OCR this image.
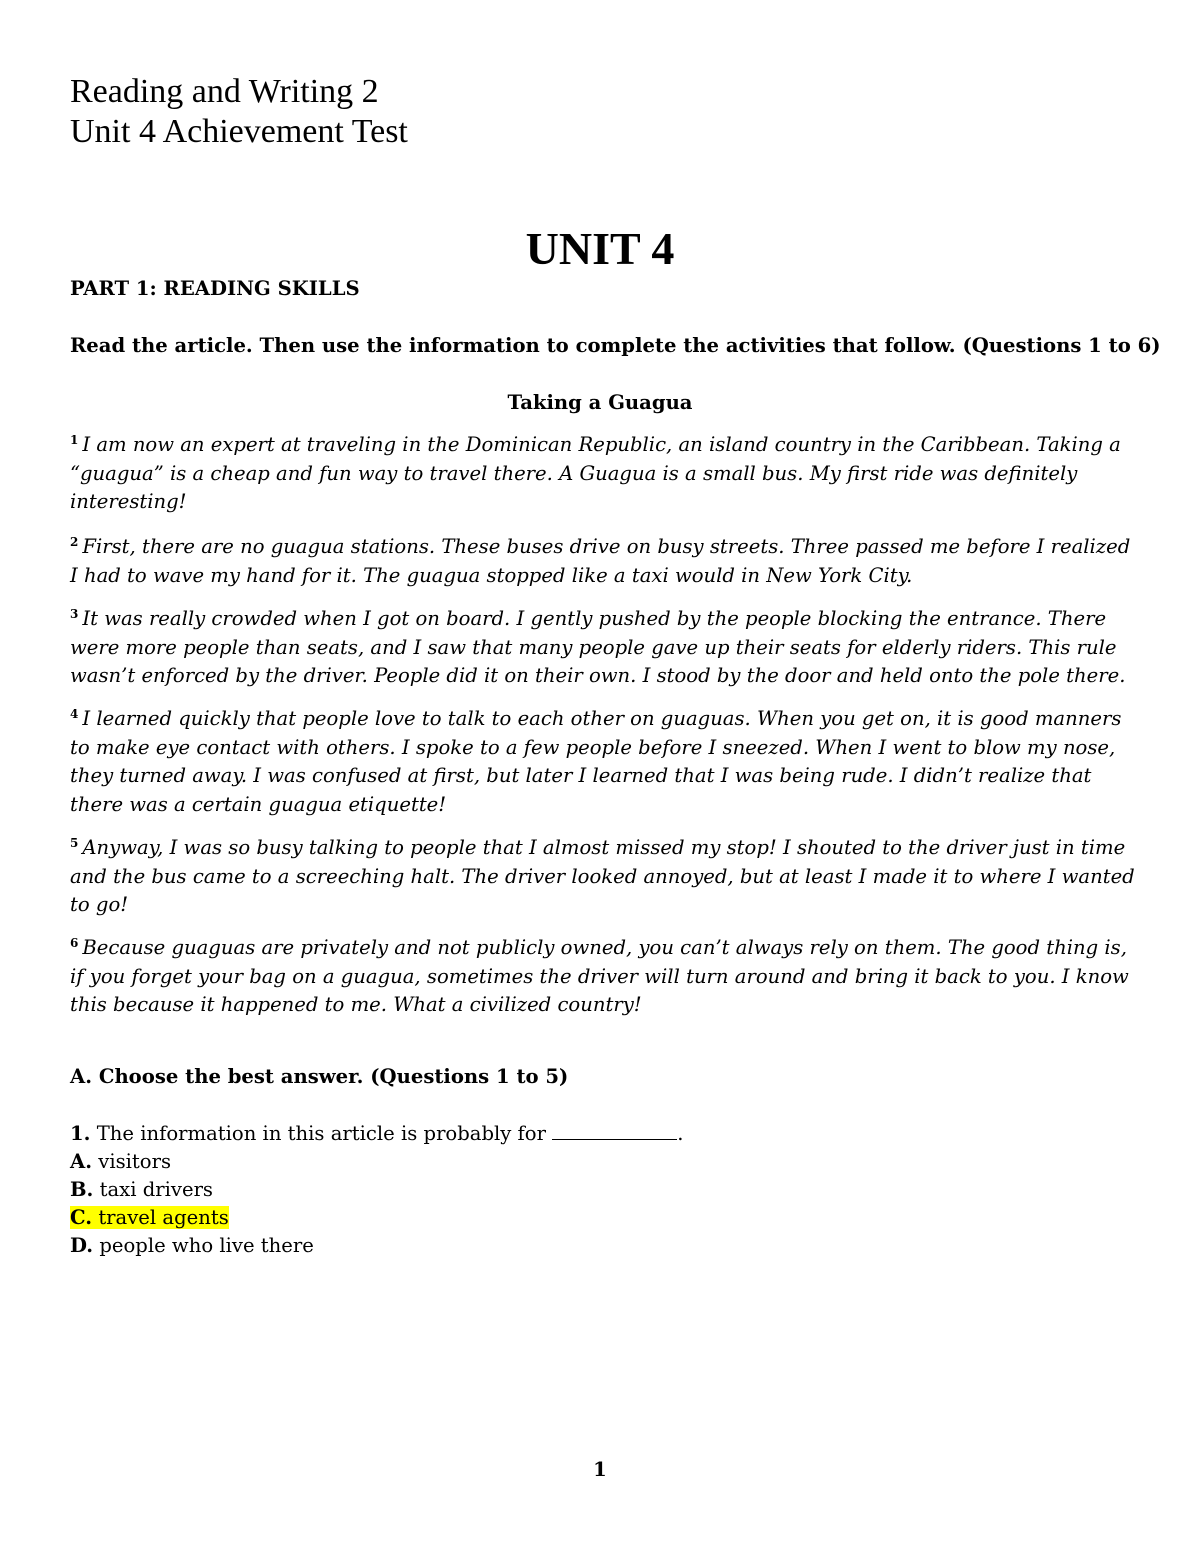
Reading and Writing 2
Unit 4 Achievement Test
UNIT 4
PART 1: READING SKILLS
Read the article. Then use the information to complete the activities that follow. (Questions 1 to 6)
Taking a Guagua
$^1$ I am now an expert at traveling in the Dominican Republic, an island country in the Caribbean. Taking a “guagua” is a cheap and fun way to travel there. A Guagua is a small bus. My first ride was definitely interesting!
$^2$ First, there are no guagua stations. These buses drive on busy streets. Three passed me before I realized I had to wave my hand for it. The guagua stopped like a taxi would in New York City.
$^3$ It was really crowded when I got on board. I gently pushed by the people blocking the entrance. There were more people than seats, and I saw that many people gave up their seats for elderly riders. This rule wasn’t enforced by the driver. People did it on their own. I stood by the door and held onto the pole there.
$^4$ I learned quickly that people love to talk to each other on guaguas. When you get on, it is good manners to make eye contact with others. I spoke to a few people before I sneezed. When I went to blow my nose, they turned away. I was confused at first, but later I learned that I was being rude. I didn’t realize that there was a certain guagua etiquette!
$^5$ Anyway, I was so busy talking to people that I almost missed my stop! I shouted to the driver just in time and the bus came to a screeching halt. The driver looked annoyed, but at least I made it to where I wanted to go!
$^6$ Because guaguas are privately and not publicly owned, you can’t always rely on them. The good thing is, if you forget your bag on a guagua, sometimes the driver will turn around and bring it back to you. I know this because it happened to me. What a civilized country!
A. Choose the best answer. (Questions 1 to 5)
1. The information in this article is probably for	.
A. visitors
B. taxi drivers
C. travel agents
D. people who live there
1
